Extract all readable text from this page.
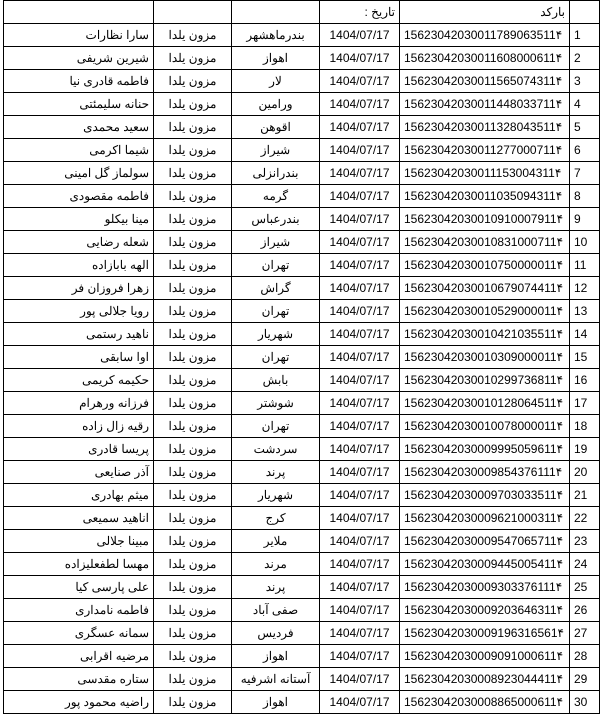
	بارکد	تاریخ :			
1	15623042030011789063511۴	1404/07/17	بندرماهشهر	مزون یلدا	سارا نظارات
2	15623042030011608000611۴	1404/07/17	اهواز	مزون یلدا	شیرین شریفی
3	15623042030011565074311۴	1404/07/17	لار	مزون یلدا	فاطمه قادری نیا
4	15623042030011448033711۴	1404/07/17	ورامین	مزون یلدا	حنانه سلیمئتی
5	15623042030011328043511۴	1404/07/17	اقوهن	مزون یلدا	سعید محمدی
6	15623042030011277000711۴	1404/07/17	شیراز	مزون یلدا	شیما اکرمی
7	15623042030011153004311۴	1404/07/17	بندرانزلی	مزون یلدا	سولماز گل امینی
8	15623042030011035094311۴	1404/07/17	گرمه	مزون یلدا	فاطمه مقصودی
9	15623042030010910007911۴	1404/07/17	بندرعباس	مزون یلدا	مینا بیکلو
10	15623042030010831000711۴	1404/07/17	شیراز	مزون یلدا	شعله رضایی
11	15623042030010750000011۴	1404/07/17	تهران	مزون یلدا	الهه بابازاده
12	15623042030010679074411۴	1404/07/17	گراش	مزون یلدا	زهرا فروزان فر
13	15623042030010529000011۴	1404/07/17	تهران	مزون یلدا	رویا جلالی پور
14	15623042030010421035511۴	1404/07/17	شهریار	مزون یلدا	ناهید رستمی
15	15623042030010309000011۴	1404/07/17	تهران	مزون یلدا	اوا سابقی
16	15623042030010299736811۴	1404/07/17	بابش	مزون یلدا	حکیمه کریمی
17	15623042030010128064511۴	1404/07/17	شوشتر	مزون یلدا	فرزانه ورهرام
18	15623042030010078000011۴	1404/07/17	تهران	مزون یلدا	رقیه زال زاده
19	15623042030009995059611۴	1404/07/17	سردشت	مزون یلدا	پریسا قادری
20	15623042030009854376111۴	1404/07/17	پرند	مزون یلدا	آذر صنایعی
21	15623042030009703033511۴	1404/07/17	شهریار	مزون یلدا	میثم بهادری
22	15623042030009621000311۴	1404/07/17	کرج	مزون یلدا	اناهید سمیعی
23	15623042030009547065711۴	1404/07/17	ملایر	مزون یلدا	مبینا جلالی
24	15623042030009445005411۴	1404/07/17	مرند	مزون یلدا	مهسا لطفعلیزاده
25	15623042030009303376111۴	1404/07/17	پرند	مزون یلدا	علی پارسی کیا
26	15623042030009203646311۴	1404/07/17	صفی آباد	مزون یلدا	فاطمه نامداری
27	15623042030009196316561۴	1404/07/17	فردیس	مزون یلدا	سمانه عسگری
28	15623042030009091000611۴	1404/07/17	اهواز	مزون یلدا	مرضیه اقرابی
29	15623042030008923044411۴	1404/07/17	آستانه اشرفیه	مزون یلدا	ستاره مقدسی
30	15623042030008865000611۴	1404/07/17	اهواز	مزون یلدا	راضیه محمود پور
